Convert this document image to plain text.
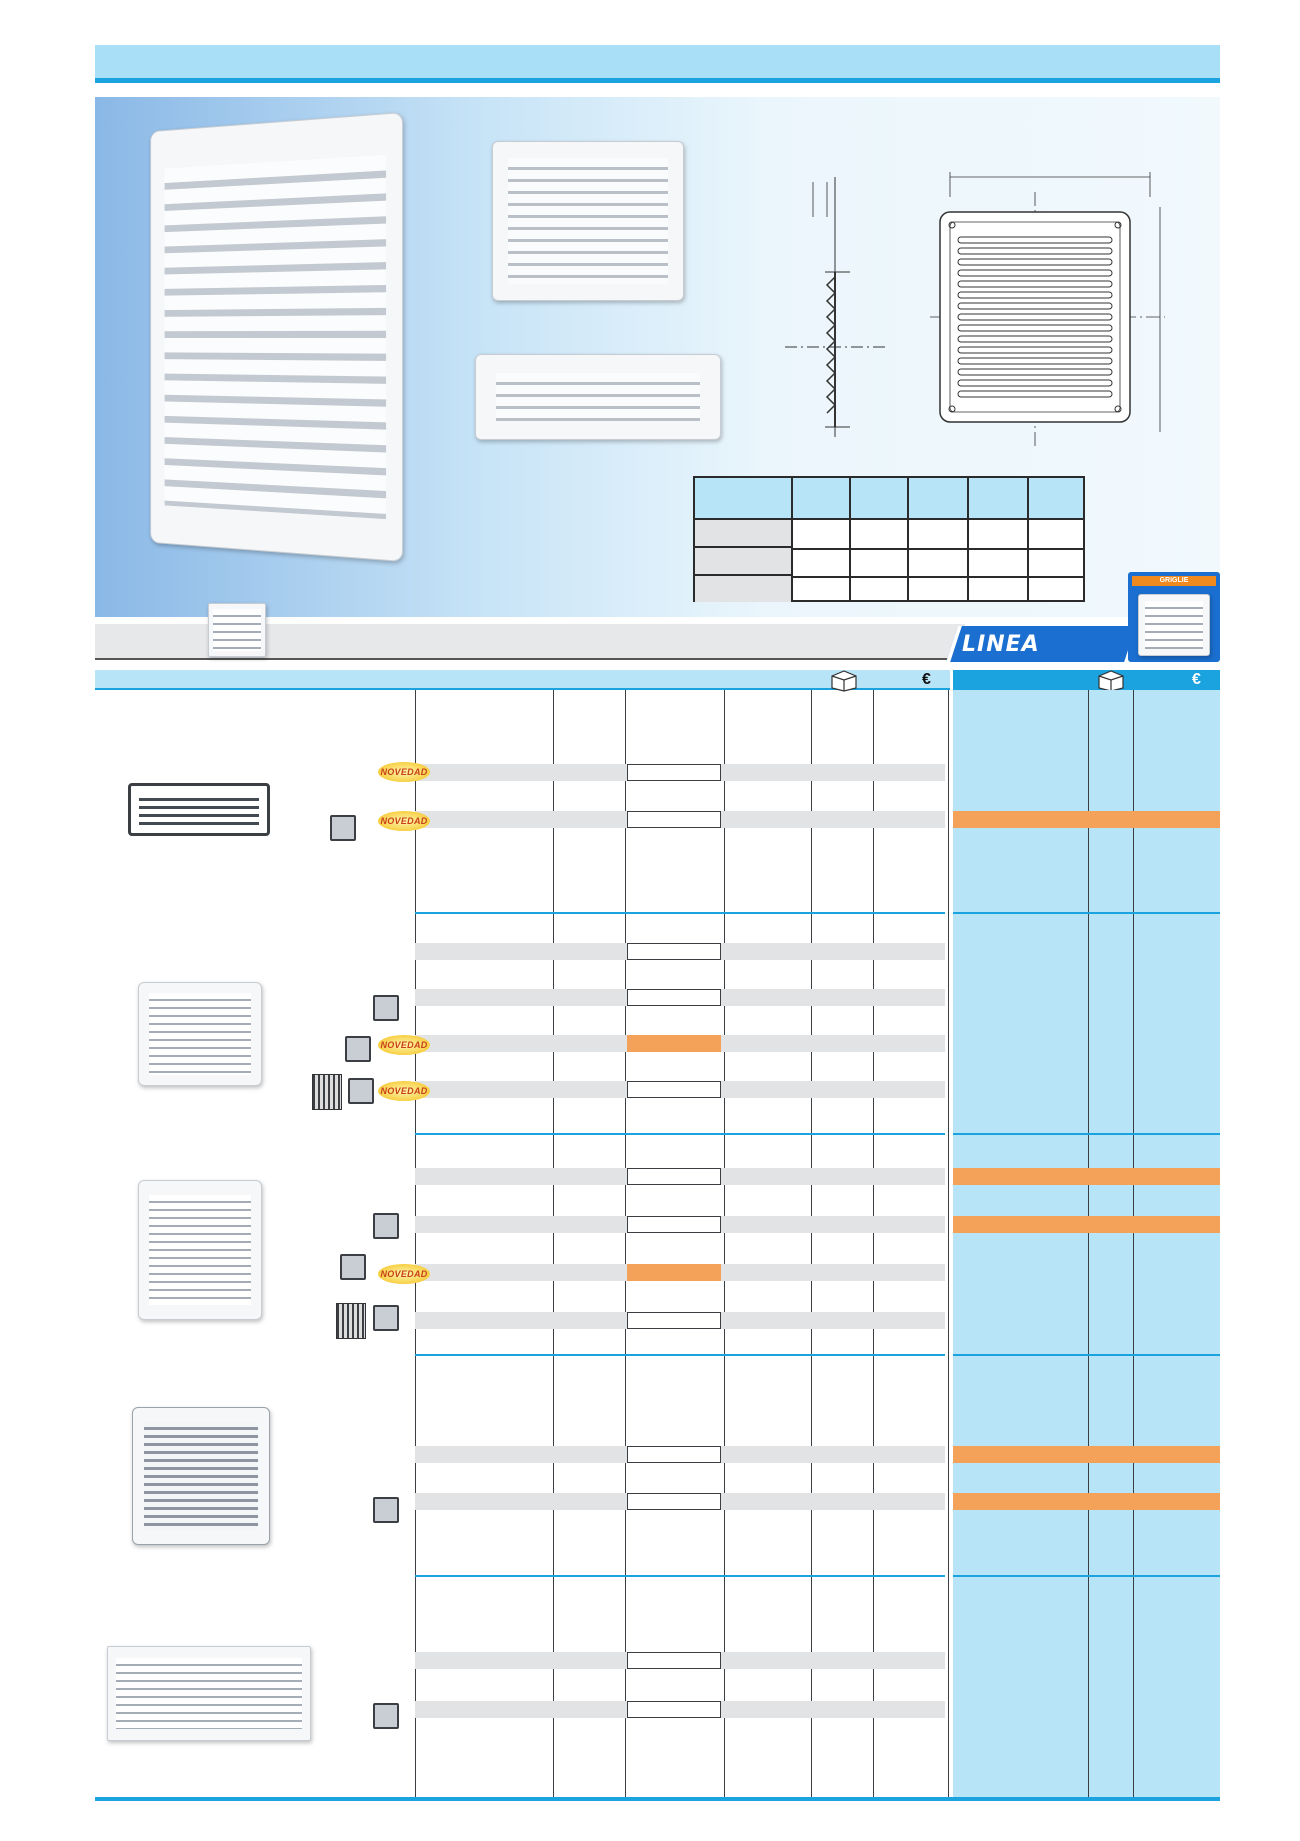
GRIGLIE
LINEA
€	€
NOVEDAD
NOVEDAD
NOVEDAD
NOVEDAD
NOVEDAD
